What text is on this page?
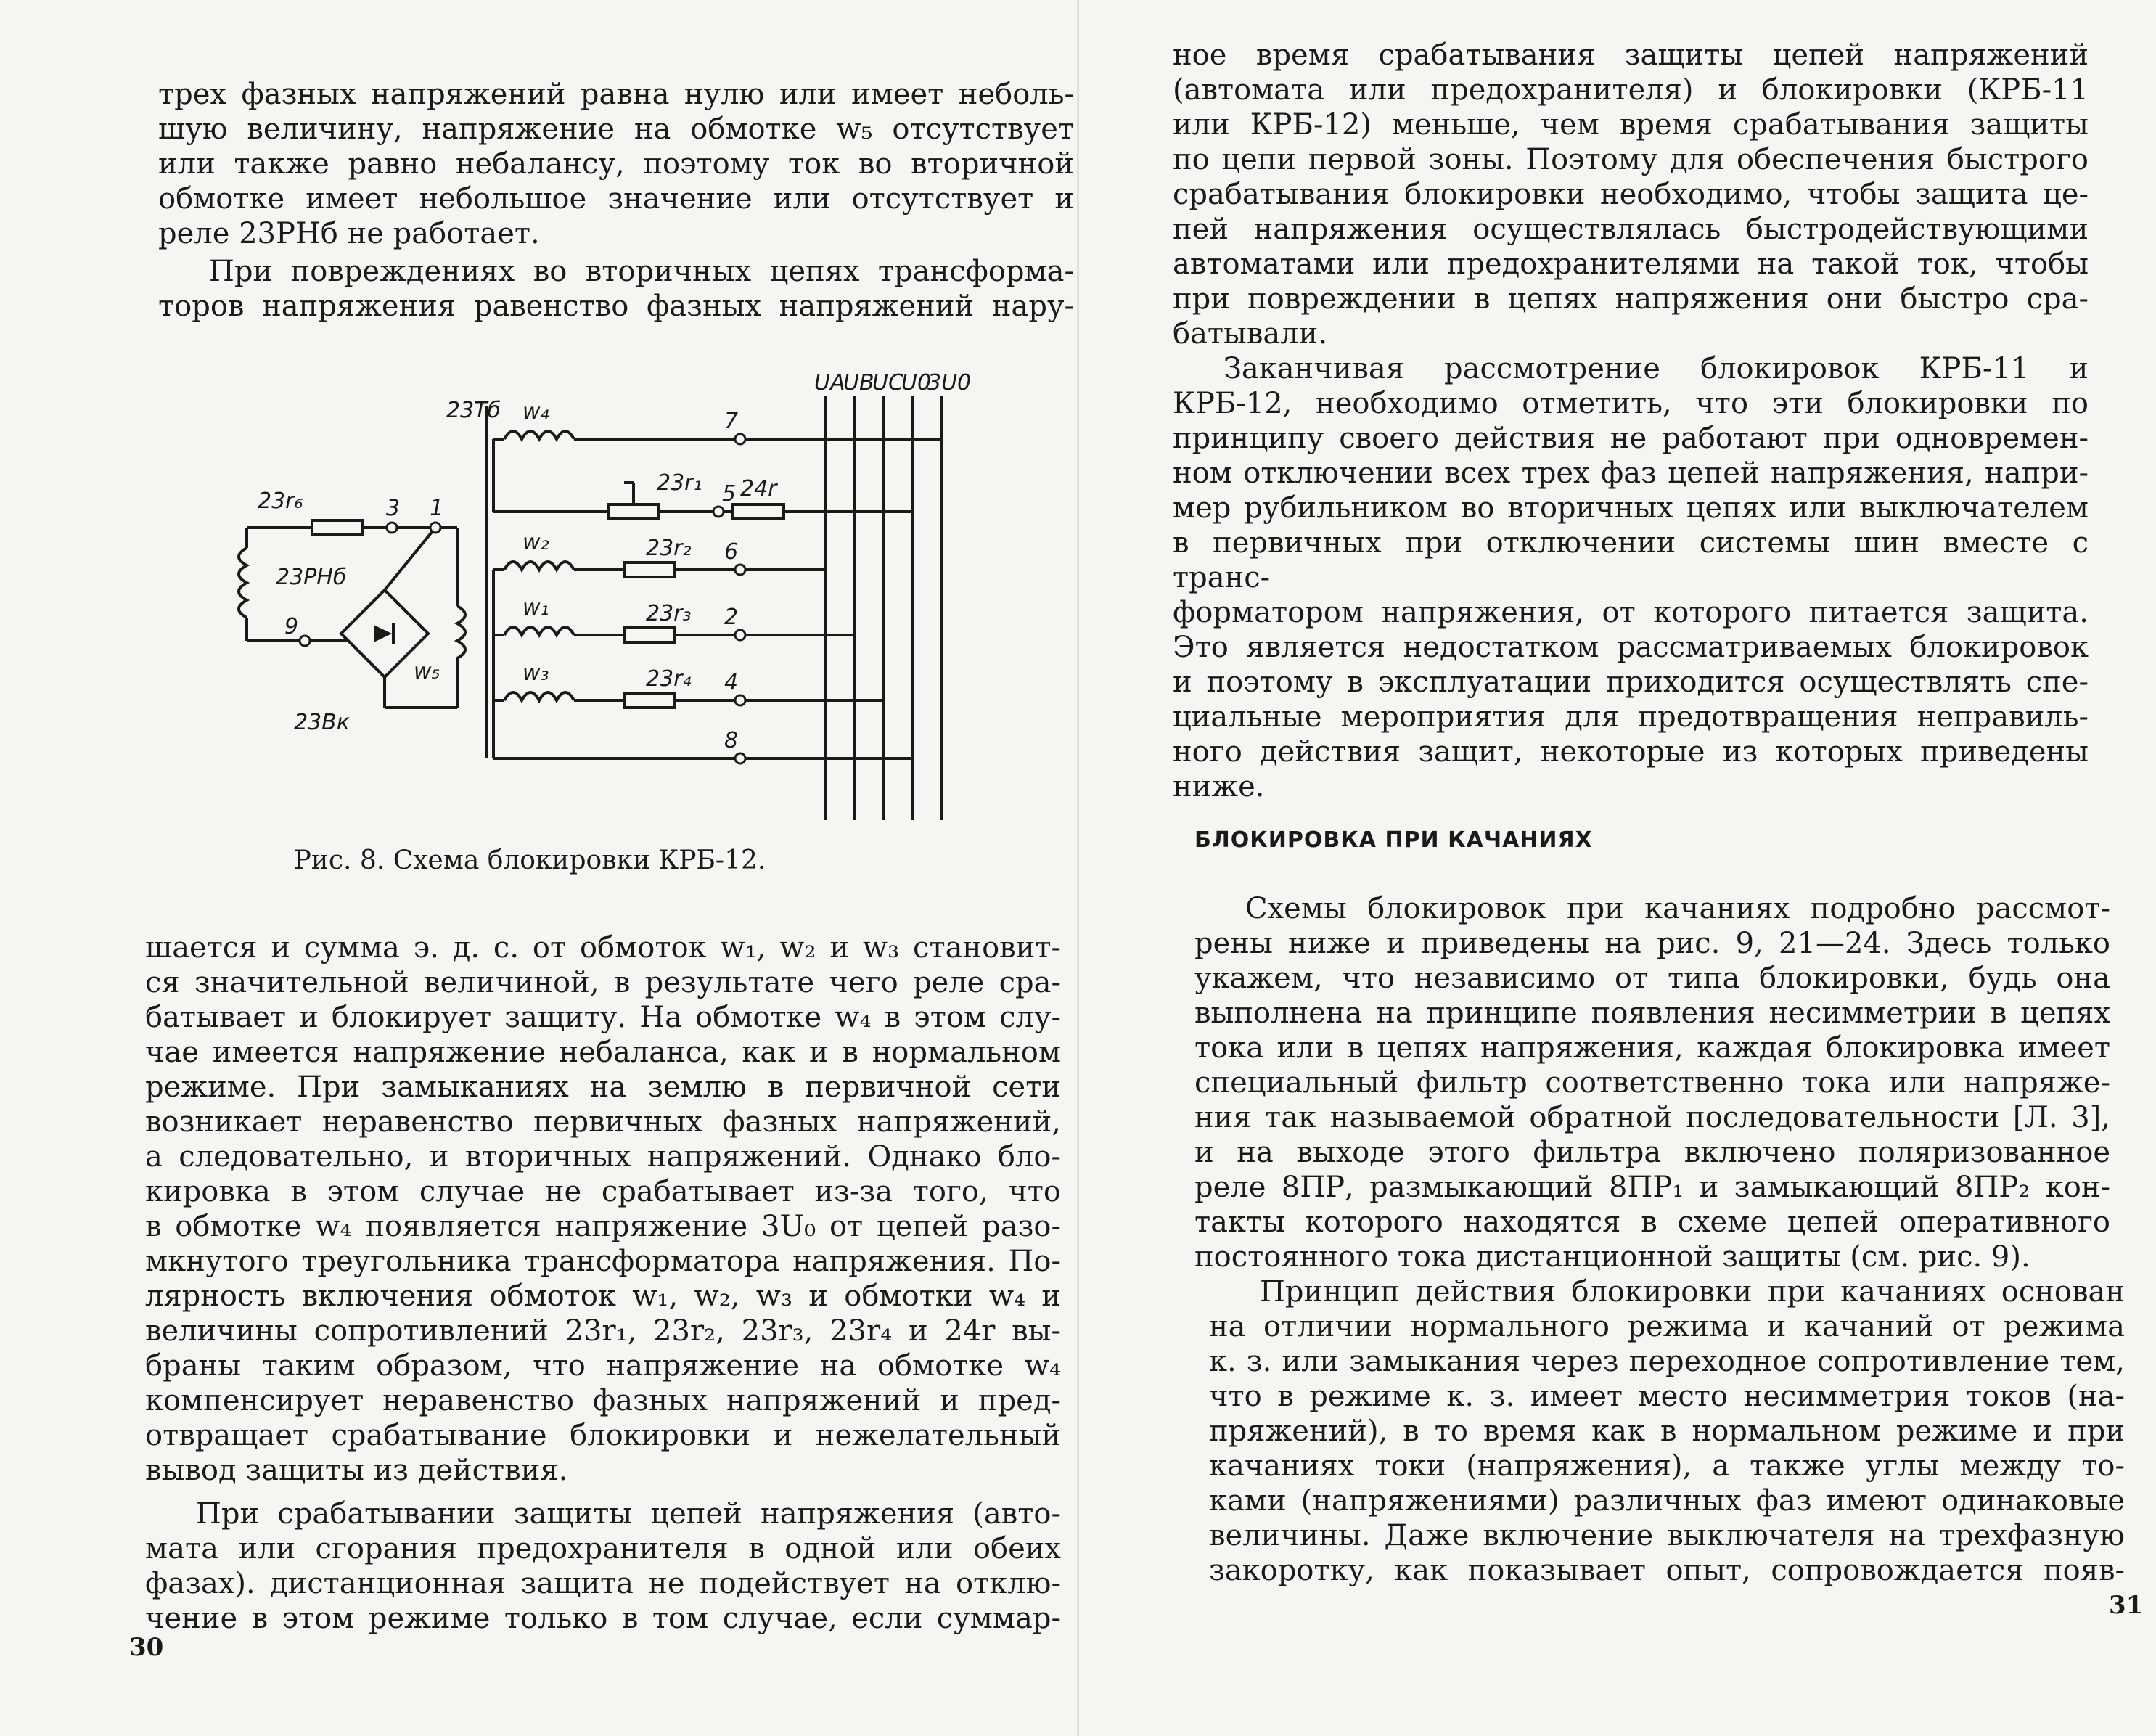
трех фазных напряжений равна нулю или имеет неболь-
шую величину, напряжение на обмотке w₅ отсутствует
или также равно небалансу, поэтому ток во вторичной
обмотке имеет небольшое значение или отсутствует и
реле 23РНб не работает.
При повреждениях во вторичных цепях трансформа-
торов напряжения равенство фазных напряжений нару-
23Тб w₄
w₂
w₁
w₃
w₅
23r₁ 24r
23r₂
23r₃
23r₄
23r₆
23РНб
23Вк
7
5
6
2
4
8
3 1
9
UA
UB
UC
U0
3U0
Рис. 8. Схема блокировки КРБ-12.
шается и сумма э. д. с. от обмоток w₁, w₂ и w₃ становит-
ся значительной величиной, в результате чего реле сра-
батывает и блокирует защиту. На обмотке w₄ в этом слу-
чае имеется напряжение небаланса, как и в нормальном
режиме. При замыканиях на землю в первичной сети
возникает неравенство первичных фазных напряжений,
а следовательно, и вторичных напряжений. Однако бло-
кировка в этом случае не срабатывает из-за того, что
в обмотке w₄ появляется напряжение 3U₀ от цепей разо-
мкнутого треугольника трансформатора напряжения. По-
лярность включения обмоток w₁, w₂, w₃ и обмотки w₄ и
величины сопротивлений 23r₁, 23r₂, 23r₃, 23r₄ и 24r вы-
браны таким образом, что напряжение на обмотке w₄
компенсирует неравенство фазных напряжений и пред-
отвращает срабатывание блокировки и нежелательный
вывод защиты из действия.
При срабатывании защиты цепей напряжения (авто-
мата или сгорания предохранителя в одной или обеих
фазах). дистанционная защита не подействует на отклю-
чение в этом режиме только в том случае, если суммар-
30
ное время срабатывания защиты цепей напряжений
(автомата или предохранителя) и блокировки (КРБ-11
или КРБ-12) меньше, чем время срабатывания защиты
по цепи первой зоны. Поэтому для обеспечения быстрого
срабатывания блокировки необходимо, чтобы защита це-
пей напряжения осуществлялась быстродействующими
автоматами или предохранителями на такой ток, чтобы
при повреждении в цепях напряжения они быстро сра-
батывали.
Заканчивая рассмотрение блокировок КРБ-11 и
КРБ-12, необходимо отметить, что эти блокировки по
принципу своего действия не работают при одновремен-
ном отключении всех трех фаз цепей напряжения, напри-
мер рубильником во вторичных цепях или выключателем
в первичных при отключении системы шин вместе с транс-
форматором напряжения, от которого питается защита.
Это является недостатком рассматриваемых блокировок
и поэтому в эксплуатации приходится осуществлять спе-
циальные мероприятия для предотвращения неправиль-
ного действия защит, некоторые из которых приведены
ниже.
БЛОКИРОВКА ПРИ КАЧАНИЯХ
Схемы блокировок при качаниях подробно рассмот-
рены ниже и приведены на рис. 9, 21—24. Здесь только
укажем, что независимо от типа блокировки, будь она
выполнена на принципе появления несимметрии в цепях
тока или в цепях напряжения, каждая блокировка имеет
специальный фильтр соответственно тока или напряже-
ния так называемой обратной последовательности [Л. 3],
и на выходе этого фильтра включено поляризованное
реле 8ПР, размыкающий 8ПР₁ и замыкающий 8ПР₂ кон-
такты которого находятся в схеме цепей оперативного
постоянного тока дистанционной защиты (см. рис. 9).
Принцип действия блокировки при качаниях основан
на отличии нормального режима и качаний от режима
к. з. или замыкания через переходное сопротивление тем,
что в режиме к. з. имеет место несимметрия токов (на-
пряжений), в то время как в нормальном режиме и при
качаниях токи (напряжения), а также углы между то-
ками (напряжениями) различных фаз имеют одинаковые
величины. Даже включение выключателя на трехфазную
закоротку, как показывает опыт, сопровождается появ-
31
